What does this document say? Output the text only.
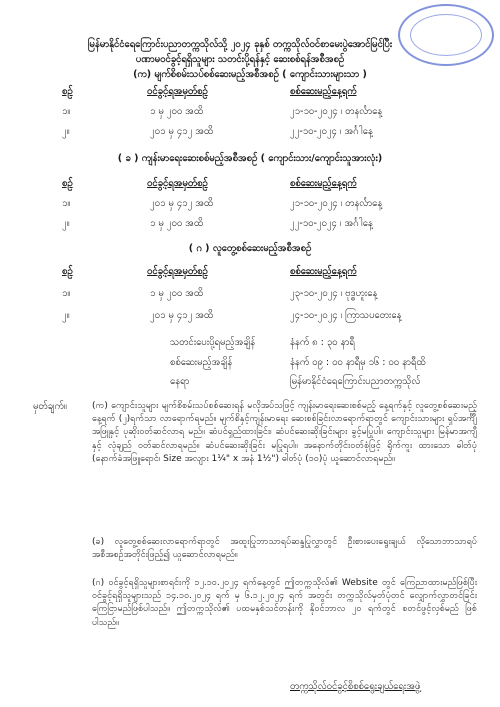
မြန်မာနိုင်ငံရေကြောင်းပညာတက္ကသိုလ်သို့ ၂၀၂၄ ခုနှစ် တက္ကသိုလ်ဝင်စာမေးပွဲအောင်မြင်ပြီး
ပဏာမဝင်ခွင့်ရရှိသူများ သတင်းပို့ရန်နှင့် ဆေးစစ်ရန်အစီအစဉ်
(က) မျက်စိစမ်းသပ်စစ်ဆေးမည့်အစီအစဉ် ( ကျောင်းသားများသာ )
စဉ်	ဝင်ခွင့်ရအမှတ်စဉ်	စစ်ဆေးမည့်နေ့ရက်
၁။	၁ မှ ၂၀၀ အထိ	၂၁-၁၀-၂၀၂၄ ၊ တနင်္လာနေ့
၂။	၂၀၁ မှ ၄၁၂ အထိ	၂၂-၁၀-၂၀၂၄ ၊ အင်္ဂါနေ့
( ခ ) ကျန်းမာရေးဆေးစစ်မည့်အစီအစဉ် ( ကျောင်းသား/ကျောင်းသူအားလုံး)
စဉ်	ဝင်ခွင့်ရအမှတ်စဉ်	စစ်ဆေးမည့်နေ့ရက်
၁။	၂၀၁ မှ ၄၁၂ အထိ	၂၁-၁၀-၂၀၂၄ ၊ တနင်္လာနေ့
၂။	၁ မှ ၂၀၀ အထိ	၂၂-၁၀-၂၀၂၄ ၊ အင်္ဂါနေ့
( ဂ ) လူတွေ့စစ်ဆေးမည့်အစီအစဉ်
စဉ်	ဝင်ခွင့်ရအမှတ်စဉ်	စစ်ဆေးမည့်နေ့ရက်
၁။	၁ မှ ၂၀၀ အထိ	၂၃-၁၀-၂၀၂၄ ၊ ဗုဒ္ဓဟူးနေ့
၂။	၂၀၁ မှ ၄၁၂ အထိ	၂၄-၁၀-၂၀၂၄ ၊ ကြာသပတေးနေ့
သတင်းပေးပို့ရမည့်အချိန်	နံနက် ၈ : ၃၀ နာရီ
စစ်ဆေးမည့်အချိန်	နံနက် ၀၉ : ၀၀ နာရီမှ ၁၆ : ၀၀ နာရီထိ
နေရာ	မြန်မာနိုင်ငံရေကြောင်းပညာတက္ကသိုလ်
မှတ်ချက်။	(က) ကျောင်းသူများ မျက်စိစမ်းသပ်စစ်ဆေးရန် မလိုအပ်သဖြင့် ကျန်းမာရေးဆေးစစ်မည့် နေ့ရက်နှင့် လူတွေ့စစ်ဆေးမည့်နေ့ရက် (၂)ရက်သာ လာရောက်ရမည်။ မျက်စိနှင့်ကျန်းမာရေး ဆေးစစ်ခြင်းလာရောက်ရာတွင် ကျောင်းသားများ ရှပ်အင်္ကျီအဖြူနှင့် ပုဆိုးဝတ်ဆင်လာရ မည်။ ဆံပင်ရှည်ထားခြင်း၊ ဆံပင်ဆေးဆိုးခြင်းများ ခွင့်မပြုပါ။ ကျောင်းသူများ မြန်မာအကျီ နှင့် လုံချည် ဝတ်ဆင်လာရမည်။ ဆံပင်ဆေးဆိုးခြင်း မပြုရပါ။ အနောက်တိုင်းဝတ်စုံဖြင့် ရိုက်ကူး ထားသော ဓါတ်ပုံ (နောက်ခံအဖြူရောင်၊ Size အလျား 1¼" x အနံ 1½") ဓါတ်ပုံ (၁၀)ပုံ ယူဆောင်လာရမည်။
(ခ) လူတွေ့စစ်ဆေးလာရောက်ရာတွင် အထူးပြုဘာသာရပ်ဆန္ဒပြုလွှာတွင် ဦးစားပေးရွေးချယ် လိုသောဘာသာရပ်အစီအစဉ်အတိုင်းဖြည့်၍ ယူဆောင်လာရမည်။
(ဂ) ဝင်ခွင့်ရရှိသူများစာရင်းကို ၁၂.၁၀.၂၀၂၄ ရက်နေ့တွင် ဤတက္ကသိုလ်၏ Website တွင် ကြေညာထားမည်ဖြစ်ပြီး ဝင်ခွင့်ရရှိသူများသည် ၁၄.၁၀.၂၀၂၄ ရက် မှ ၆.၁၂.၂၀၂၄ ရက် အတွင်း တက္ကသိုလ်မှတ်ပုံတင် လျှောက်လွှာတင်ခြင်း ကြေငြာမည်ဖြစ်ပါသည်။ ဤတက္ကသိုလ်၏ ပထမနှစ်သင်တန်းကို နိုဝင်ဘာလ ၂၀ ရက်တွင် စတင်ဖွင့်လှစ်မည် ဖြစ်ပါသည်။
တက္ကသိုလ်ဝင်ခွင့်စိစစ်ရွေးချယ်ရေးအဖွဲ့
